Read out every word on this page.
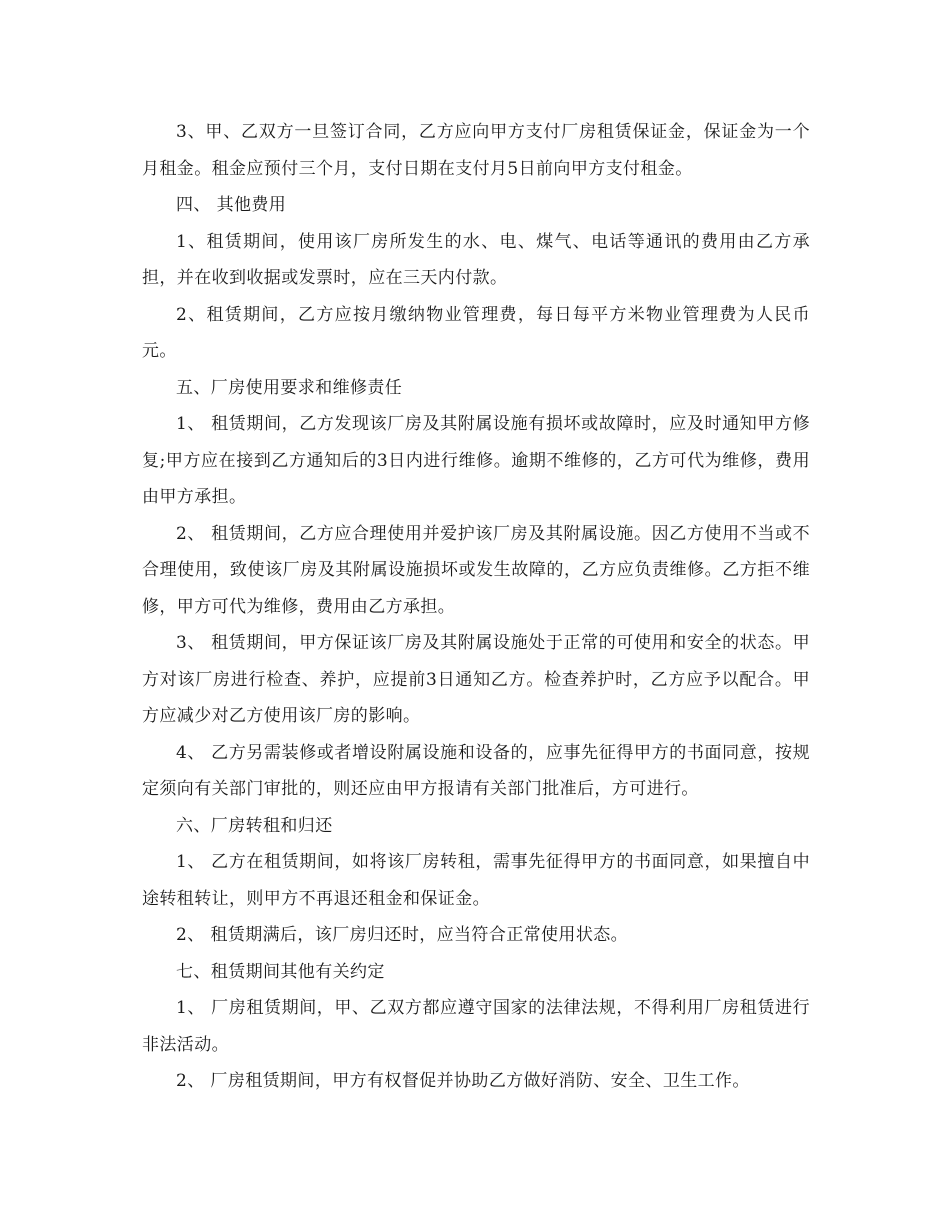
3、甲、乙双方一旦签订合同，乙方应向甲方支付厂房租赁保证金，保证金为一个月租金。租金应预付三个月，支付日期在支付月5日前向甲方支付租金。

四、 其他费用

1、租赁期间，使用该厂房所发生的水、电、煤气、电话等通讯的费用由乙方承担，并在收到收据或发票时，应在三天内付款。

2、租赁期间，乙方应按月缴纳物业管理费，每日每平方米物业管理费为人民币 元。

五、厂房使用要求和维修责任

1、 租赁期间，乙方发现该厂房及其附属设施有损坏或故障时，应及时通知甲方修复;甲方应在接到乙方通知后的3日内进行维修。逾期不维修的，乙方可代为维修，费用由甲方承担。

2、 租赁期间，乙方应合理使用并爱护该厂房及其附属设施。因乙方使用不当或不合理使用，致使该厂房及其附属设施损坏或发生故障的，乙方应负责维修。乙方拒不维修，甲方可代为维修，费用由乙方承担。

3、 租赁期间，甲方保证该厂房及其附属设施处于正常的可使用和安全的状态。甲方对该厂房进行检查、养护，应提前3日通知乙方。检查养护时，乙方应予以配合。甲方应减少对乙方使用该厂房的影响。

4、 乙方另需装修或者增设附属设施和设备的，应事先征得甲方的书面同意，按规定须向有关部门审批的，则还应由甲方报请有关部门批准后，方可进行。

六、厂房转租和归还

1、 乙方在租赁期间，如将该厂房转租，需事先征得甲方的书面同意，如果擅自中途转租转让，则甲方不再退还租金和保证金。

2、 租赁期满后，该厂房归还时，应当符合正常使用状态。

七、租赁期间其他有关约定

1、 厂房租赁期间，甲、乙双方都应遵守国家的法律法规，不得利用厂房租赁进行非法活动。

2、 厂房租赁期间，甲方有权督促并协助乙方做好消防、安全、卫生工作。
